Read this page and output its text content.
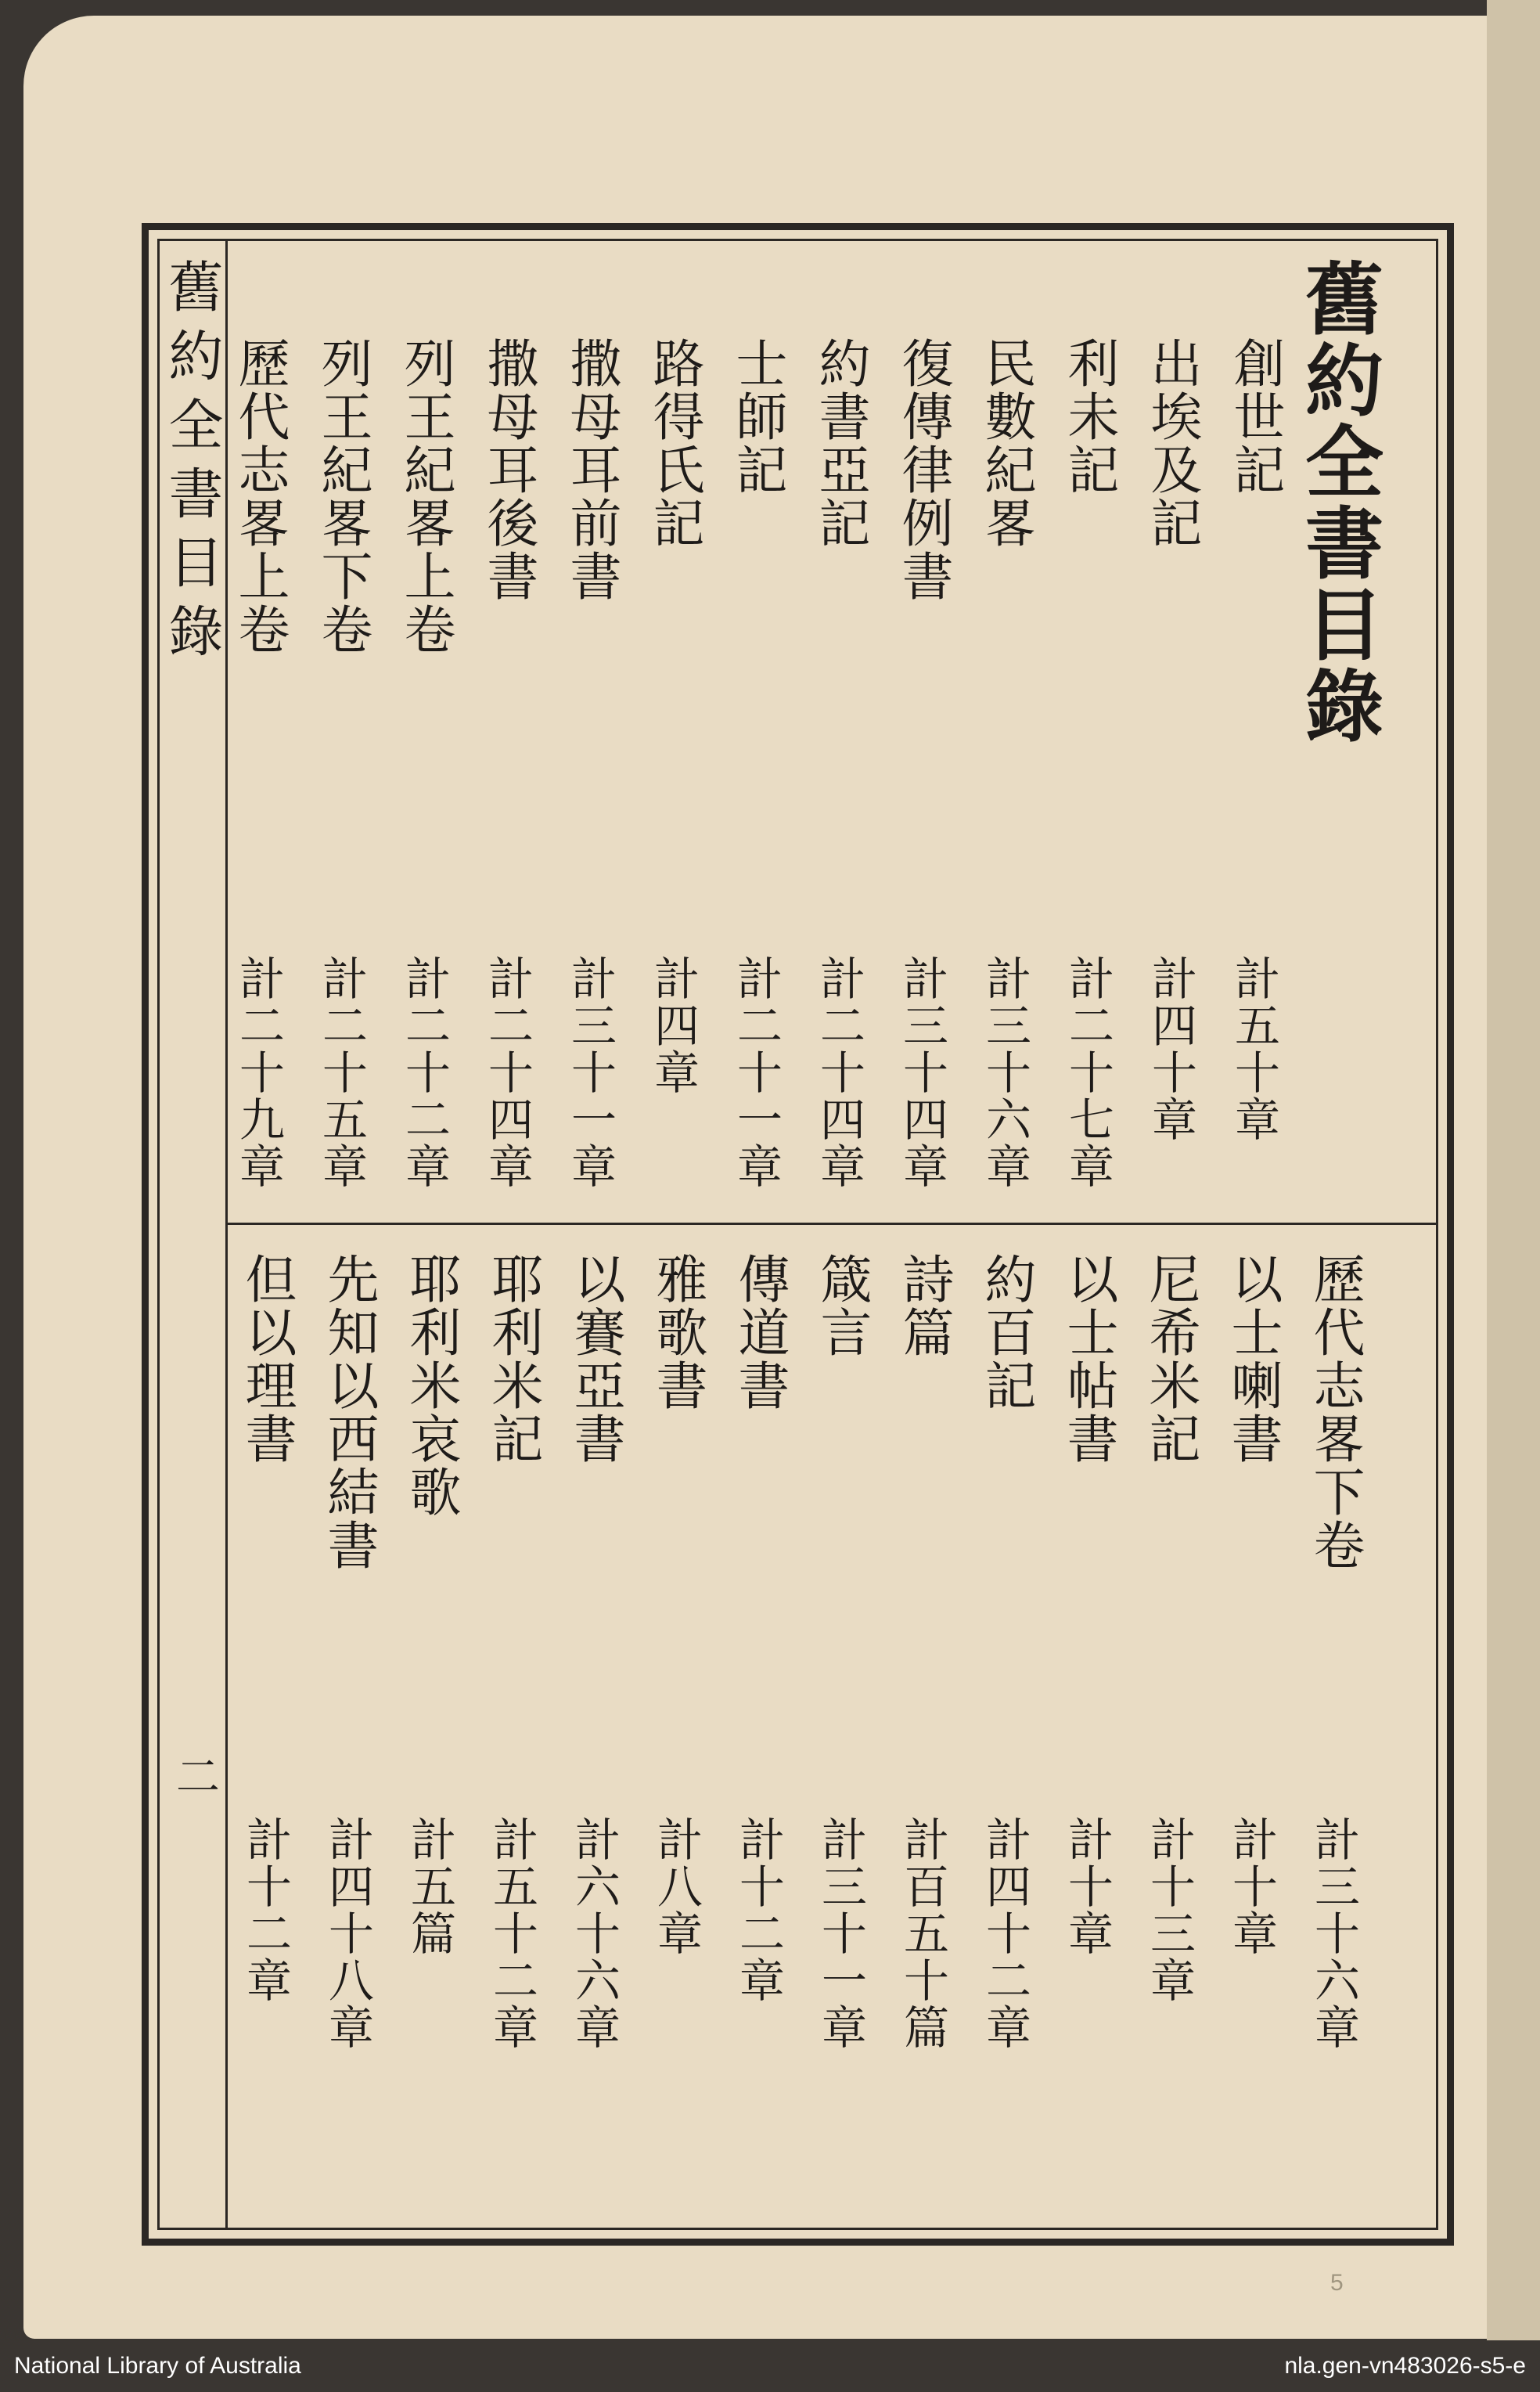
舊約全書目錄
舊約全書目錄
二
創世記
計五十章
出埃及記
計四十章
利未記
計二十七章
民數紀畧
計三十六章
復傳律例書
計三十四章
約書亞記
計二十四章
士師記
計二十一章
路得氏記
計四章
撒母耳前書
計三十一章
撒母耳後書
計二十四章
列王紀畧上卷
計二十二章
列王紀畧下卷
計二十五章
歷代志畧上卷
計二十九章
歷代志畧下卷
計三十六章
以士喇書
計十章
尼希米記
計十三章
以士帖書
計十章
約百記
計四十二章
詩篇
計百五十篇
箴言
計三十一章
傳道書
計十二章
雅歌書
計八章
以賽亞書
計六十六章
耶利米記
計五十二章
耶利米哀歌
計五篇
先知以西結書
計四十八章
但以理書
計十二章
5
National Library of Australia	nla.gen-vn483026-s5-e
